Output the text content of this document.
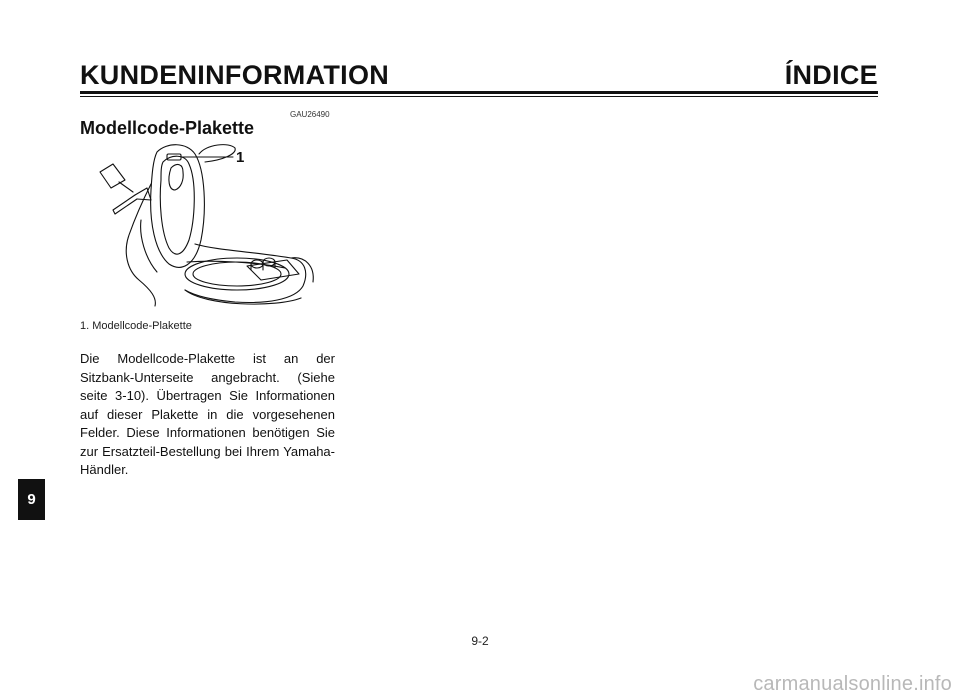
KUNDENINFORMATION	ÍNDICE
GAU26490
Modellcode-Plakette
1
1. Modellcode-Plakette

Die Modellcode-Plakette ist an der Sitzbank-Unterseite angebracht. (Siehe seite 3-10). Übertragen Sie Informationen auf dieser Plakette in die vorgesehenen Felder. Diese Informationen benötigen Sie zur Ersatzteil-Bestellung bei Ihrem Yamaha-Händler.

9
9-2
carmanualsonline.info
